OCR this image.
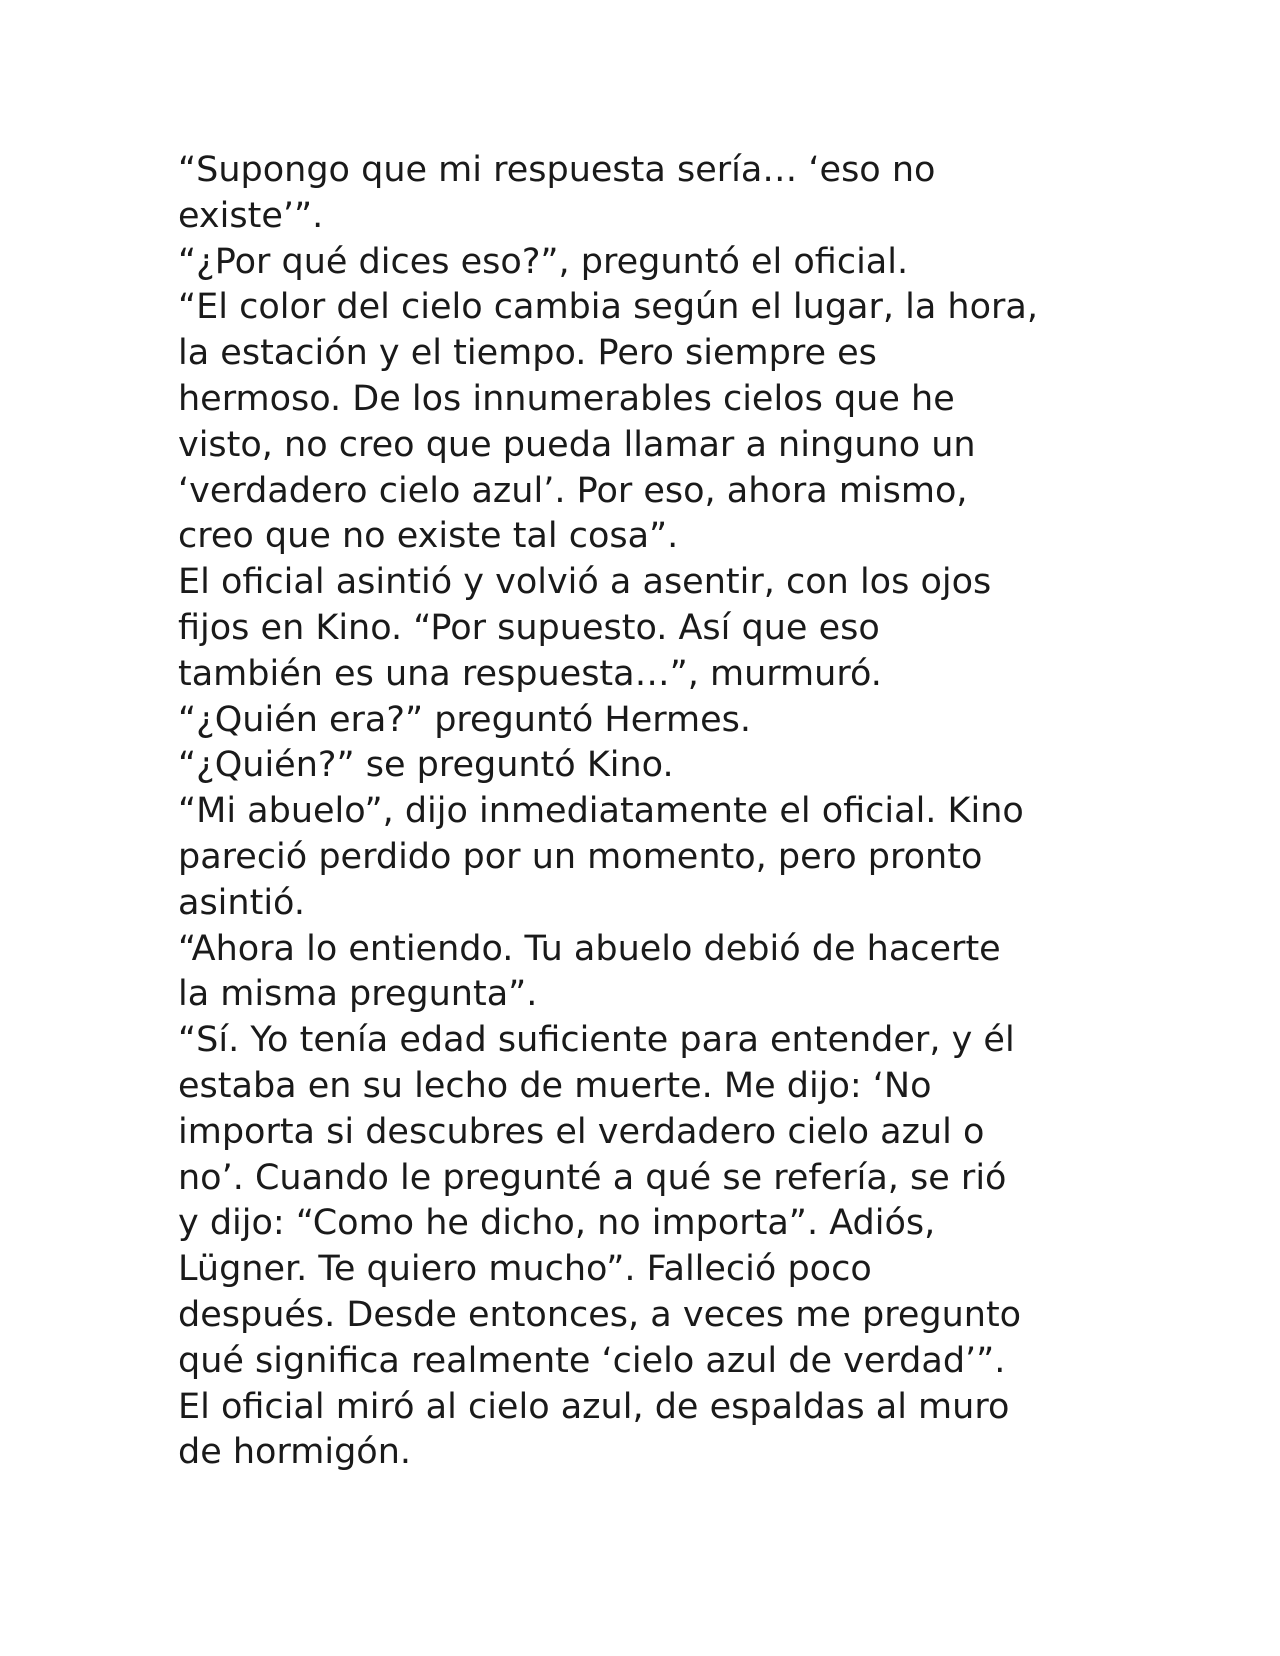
“Supongo que mi respuesta sería… ‘eso no
existe’”.
“¿Por qué dices eso?”, preguntó el oficial.
“El color del cielo cambia según el lugar, la hora,
la estación y el tiempo. Pero siempre es
hermoso. De los innumerables cielos que he
visto, no creo que pueda llamar a ninguno un
‘verdadero cielo azul’. Por eso, ahora mismo,
creo que no existe tal cosa”.
El oficial asintió y volvió a asentir, con los ojos
fijos en Kino. “Por supuesto. Así que eso
también es una respuesta…”, murmuró.
“¿Quién era?” preguntó Hermes.
“¿Quién?” se preguntó Kino.
“Mi abuelo”, dijo inmediatamente el oficial. Kino
pareció perdido por un momento, pero pronto
asintió.
“Ahora lo entiendo. Tu abuelo debió de hacerte
la misma pregunta”.
“Sí. Yo tenía edad suficiente para entender, y él
estaba en su lecho de muerte. Me dijo: ‘No
importa si descubres el verdadero cielo azul o
no’. Cuando le pregunté a qué se refería, se rió
y dijo: “Como he dicho, no importa”. Adiós,
Lügner. Te quiero mucho”. Falleció poco
después. Desde entonces, a veces me pregunto
qué significa realmente ‘cielo azul de verdad’”.
El oficial miró al cielo azul, de espaldas al muro
de hormigón.
